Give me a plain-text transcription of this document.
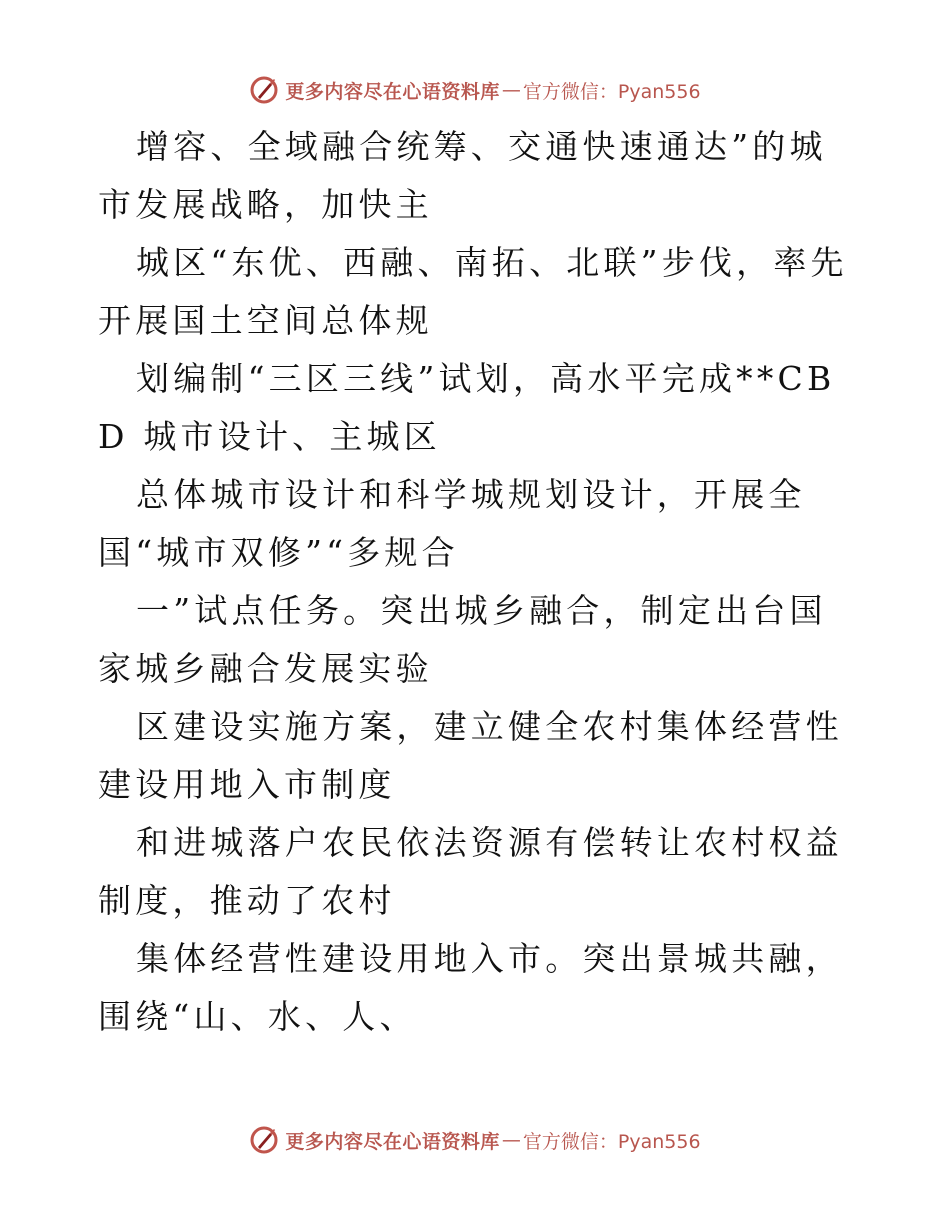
更多内容尽在心语资料库 — 官方微信：Pyan556

增容、全域融合统筹、交通快速通达”的城市发展战略，加快主

城区“东优、西融、南拓、北联”步伐，率先开展国土空间总体规

划编制“三区三线”试划，高水平完成**CBD 城市设计、主城区

总体城市设计和科学城规划设计，开展全国“城市双修”“多规合

一”试点任务。突出城乡融合，制定出台国家城乡融合发展实验

区建设实施方案，建立健全农村集体经营性建设用地入市制度

和进城落户农民依法资源有偿转让农村权益制度，推动了农村

集体经营性建设用地入市。突出景城共融，围绕“山、水、人、

更多内容尽在心语资料库 — 官方微信：Pyan556
